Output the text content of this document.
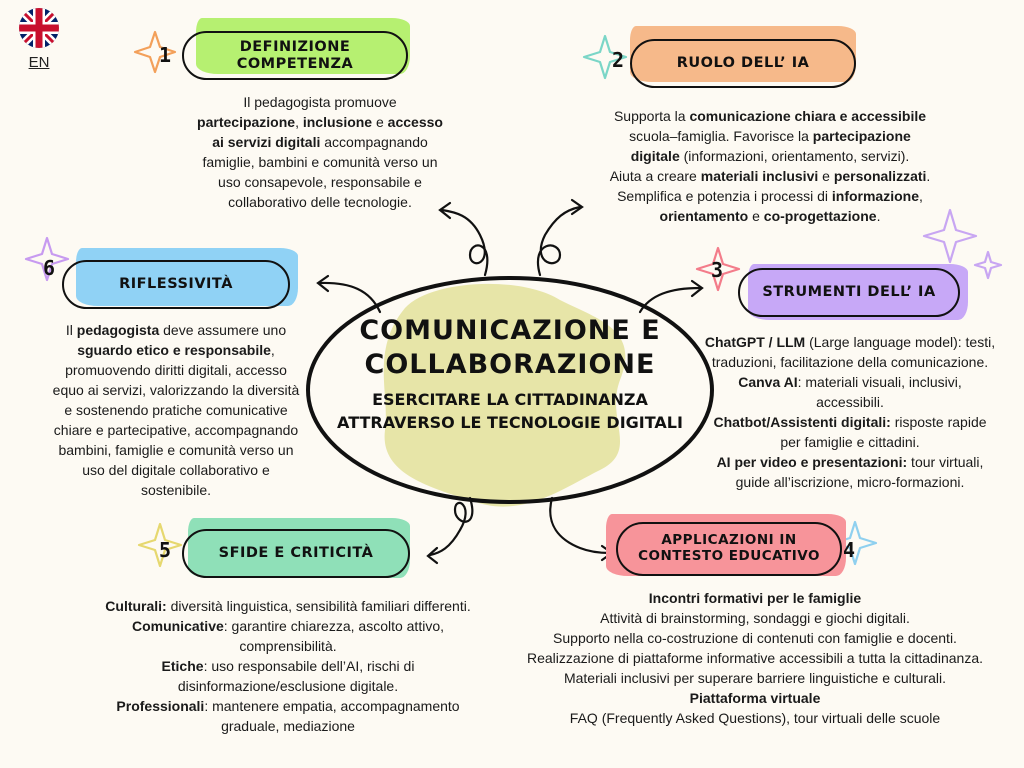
EN	1	DEFINIZIONE COMPETENZA
Il pedagogista promuove
partecipazione, inclusione e accesso
ai servizi digitali accompagnando
famiglie, bambini e comunità verso un
uso consapevole, responsabile e
collaborativo delle tecnologie.
2	RUOLO DELL’ IA
Supporta la comunicazione chiara e accessibile
scuola–famiglia. Favorisce la partecipazione
digitale (informazioni, orientamento, servizi).
Aiuta a creare materiali inclusivi e personalizzati.
Semplifica e potenzia i processi di informazione,
orientamento e co-progettazione.
3
STRUMENTI DELL’ IA
ChatGPT / LLM (Large language model): testi,
traduzioni, facilitazione della comunicazione.
Canva AI: materiali visuali, inclusivi,
accessibili.
Chatbot/Assistenti digitali: risposte rapide
per famiglie e cittadini.
AI per video e presentazioni: tour virtuali,
guide all’iscrizione, micro-formazioni.
4
APPLICAZIONI IN CONTESTO EDUCATIVO
Incontri formativi per le famiglie
Attività di brainstorming, sondaggi e giochi digitali.
Supporto nella co-costruzione di contenuti con famiglie e docenti.
Realizzazione di piattaforme informative accessibili a tutta la cittadinanza.
Materiali inclusivi per superare barriere linguistiche e culturali.
Piattaforma virtuale
FAQ (Frequently Asked Questions), tour virtuali delle scuole
5	SFIDE E CRITICITÀ
Culturali: diversità linguistica, sensibilità familiari differenti.
Comunicative: garantire chiarezza, ascolto attivo,
comprensibilità.
Etiche: uso responsabile dell’AI, rischi di
disinformazione/esclusione digitale.
Professionali: mantenere empatia, accompagnamento
graduale, mediazione
6
RIFLESSIVITÀ
Il pedagogista deve assumere uno
sguardo etico e responsabile,
promuovendo diritti digitali, accesso
equo ai servizi, valorizzando la diversità
e sostenendo pratiche comunicative
chiare e partecipative, accompagnando
bambini, famiglie e comunità verso un
uso del digitale collaborativo e
sostenibile.
COMUNICAZIONE E COLLABORAZIONE
ESERCITARE LA CITTADINANZA ATTRAVERSO LE TECNOLOGIE DIGITALI
